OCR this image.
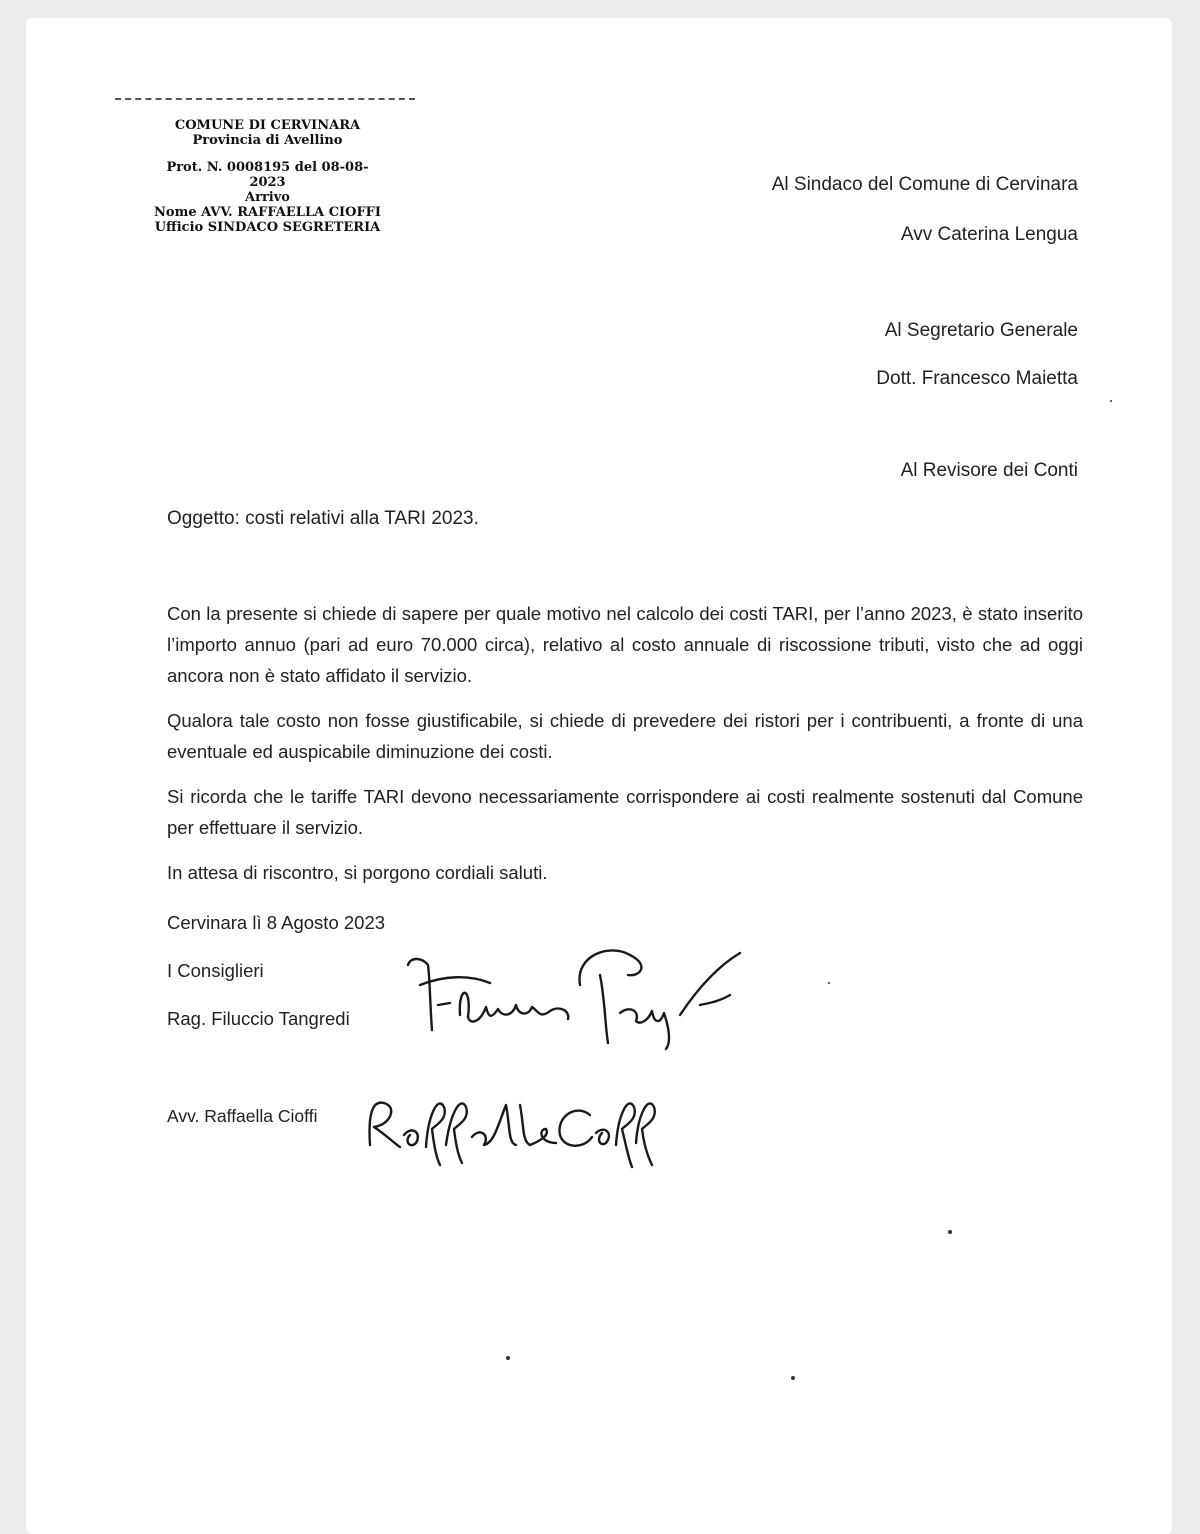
COMUNE DI CERVINARA
Provincia di Avellino
Prot. N. 0008195 del 08-08-2023
Arrivo
Nome AVV. RAFFAELLA CIOFFI
Ufficio SINDACO SEGRETERIA
Al Sindaco del Comune di Cervinara
Avv Caterina Lengua
Al Segretario Generale
Dott. Francesco Maietta
Al Revisore dei Conti
Oggetto: costi relativi alla TARI 2023.

Con la presente si chiede di sapere per quale motivo nel calcolo dei costi TARI, per l’anno 2023, è stato inserito l’importo annuo (pari ad euro 70.000 circa), relativo al costo annuale di riscossione tributi, visto che ad oggi ancora non è stato affidato il servizio.

Qualora tale costo non fosse giustificabile, si chiede di prevedere dei ristori per i contribuenti, a fronte di una eventuale ed auspicabile diminuzione dei costi.

Si ricorda che le tariffe TARI devono necessariamente corrispondere ai costi realmente sostenuti dal Comune per effettuare il servizio.

In attesa di riscontro, si porgono cordiali saluti.

Cervinara lì 8 Agosto 2023
I Consiglieri
Rag. Filuccio Tangredi
Avv. Raffaella Cioffi
